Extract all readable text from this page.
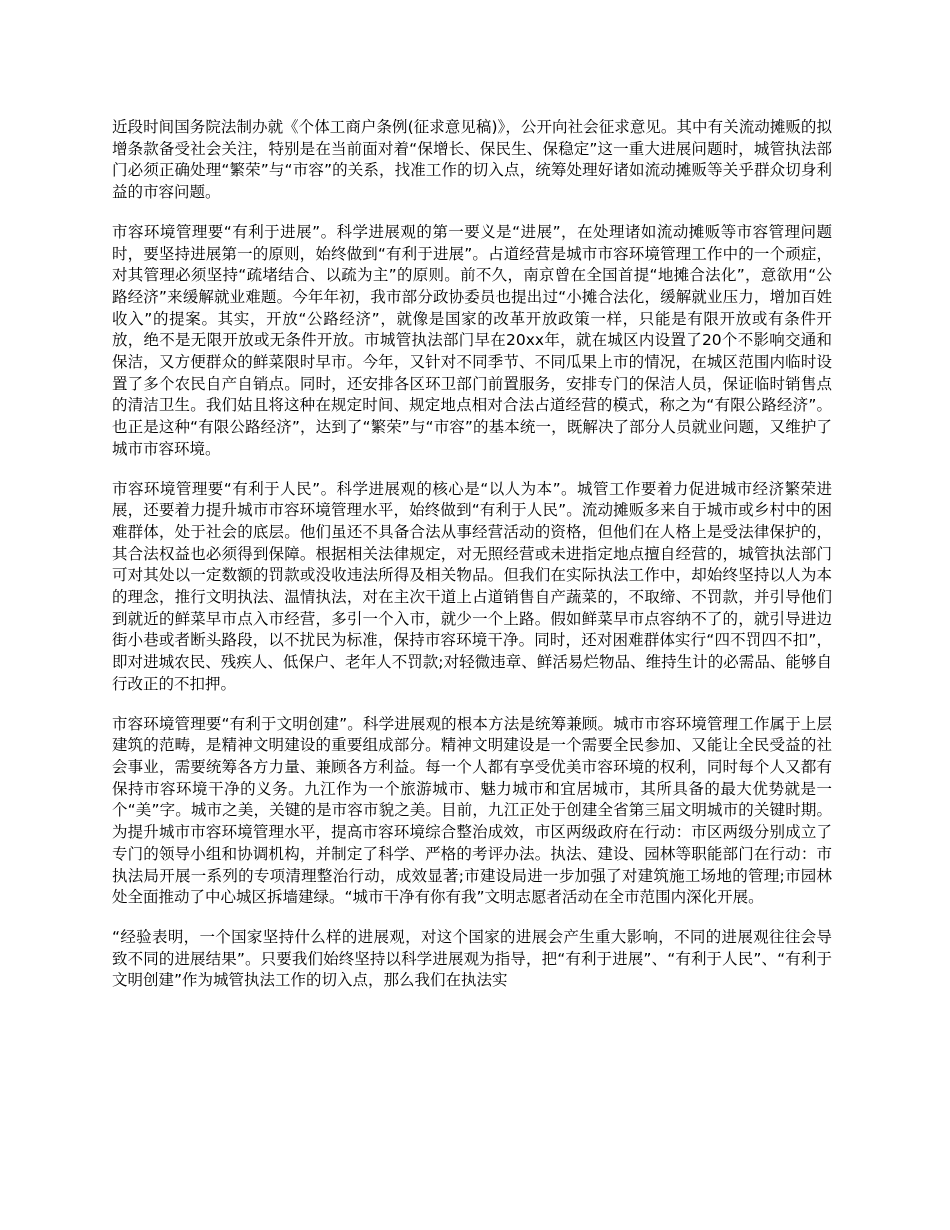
近段时间国务院法制办就《个体工商户条例(征求意见稿)》，公开向社会征求意见。其中有关流动摊贩的拟增条款备受社会关注，特别是在当前面对着“保增长、保民生、保稳定”这一重大进展问题时，城管执法部门必须正确处理“繁荣”与“市容”的关系，找准工作的切入点，统筹处理好诸如流动摊贩等关乎群众切身利益的市容问题。

市容环境管理要“有利于进展”。科学进展观的第一要义是“进展”，在处理诸如流动摊贩等市容管理问题时，要坚持进展第一的原则，始终做到“有利于进展”。占道经营是城市市容环境管理工作中的一个顽症，对其管理必须坚持“疏堵结合、以疏为主”的原则。前不久，南京曾在全国首提“地摊合法化”，意欲用“公路经济”来缓解就业难题。今年年初，我市部分政协委员也提出过“小摊合法化，缓解就业压力，增加百姓收入”的提案。其实，开放“公路经济”，就像是国家的改革开放政策一样，只能是有限开放或有条件开放，绝不是无限开放或无条件开放。市城管执法部门早在20xx年，就在城区内设置了20个不影响交通和保洁，又方便群众的鲜菜限时早市。今年，又针对不同季节、不同瓜果上市的情况，在城区范围内临时设置了多个农民自产自销点。同时，还安排各区环卫部门前置服务，安排专门的保洁人员，保证临时销售点的清洁卫生。我们姑且将这种在规定时间、规定地点相对合法占道经营的模式，称之为“有限公路经济”。也正是这种“有限公路经济”，达到了“繁荣”与“市容”的基本统一，既解决了部分人员就业问题，又维护了城市市容环境。

市容环境管理要“有利于人民”。科学进展观的核心是“以人为本”。城管工作要着力促进城市经济繁荣进展，还要着力提升城市市容环境管理水平，始终做到“有利于人民”。流动摊贩多来自于城市或乡村中的困难群体，处于社会的底层。他们虽还不具备合法从事经营活动的资格，但他们在人格上是受法律保护的，其合法权益也必须得到保障。根据相关法律规定，对无照经营或未进指定地点擅自经营的，城管执法部门可对其处以一定数额的罚款或没收违法所得及相关物品。但我们在实际执法工作中，却始终坚持以人为本的理念，推行文明执法、温情执法，对在主次干道上占道销售自产蔬菜的，不取缔、不罚款，并引导他们到就近的鲜菜早市点入市经营，多引一个入市，就少一个上路。假如鲜菜早市点容纳不了的，就引导进边街小巷或者断头路段，以不扰民为标准，保持市容环境干净。同时，还对困难群体实行“四不罚四不扣”，即对进城农民、残疾人、低保户、老年人不罚款;对轻微违章、鲜活易烂物品、维持生计的必需品、能够自行改正的不扣押。

市容环境管理要“有利于文明创建”。科学进展观的根本方法是统筹兼顾。城市市容环境管理工作属于上层建筑的范畴，是精神文明建设的重要组成部分。精神文明建设是一个需要全民参加、又能让全民受益的社会事业，需要统筹各方力量、兼顾各方利益。每一个人都有享受优美市容环境的权利，同时每个人又都有保持市容环境干净的义务。九江作为一个旅游城市、魅力城市和宜居城市，其所具备的最大优势就是一个“美”字。城市之美，关键的是市容市貌之美。目前，九江正处于创建全省第三届文明城市的关键时期。为提升城市市容环境管理水平，提高市容环境综合整治成效，市区两级政府在行动：市区两级分别成立了专门的领导小组和协调机构，并制定了科学、严格的考评办法。执法、建设、园林等职能部门在行动：市执法局开展一系列的专项清理整治行动，成效显著;市建设局进一步加强了对建筑施工场地的管理;市园林处全面推动了中心城区拆墙建绿。“城市干净有你有我”文明志愿者活动在全市范围内深化开展。

“经验表明，一个国家坚持什么样的进展观，对这个国家的进展会产生重大影响，不同的进展观往往会导致不同的进展结果”。只要我们始终坚持以科学进展观为指导，把“有利于进展”、“有利于人民”、“有利于文明创建”作为城管执法工作的切入点，那么我们在执法实
